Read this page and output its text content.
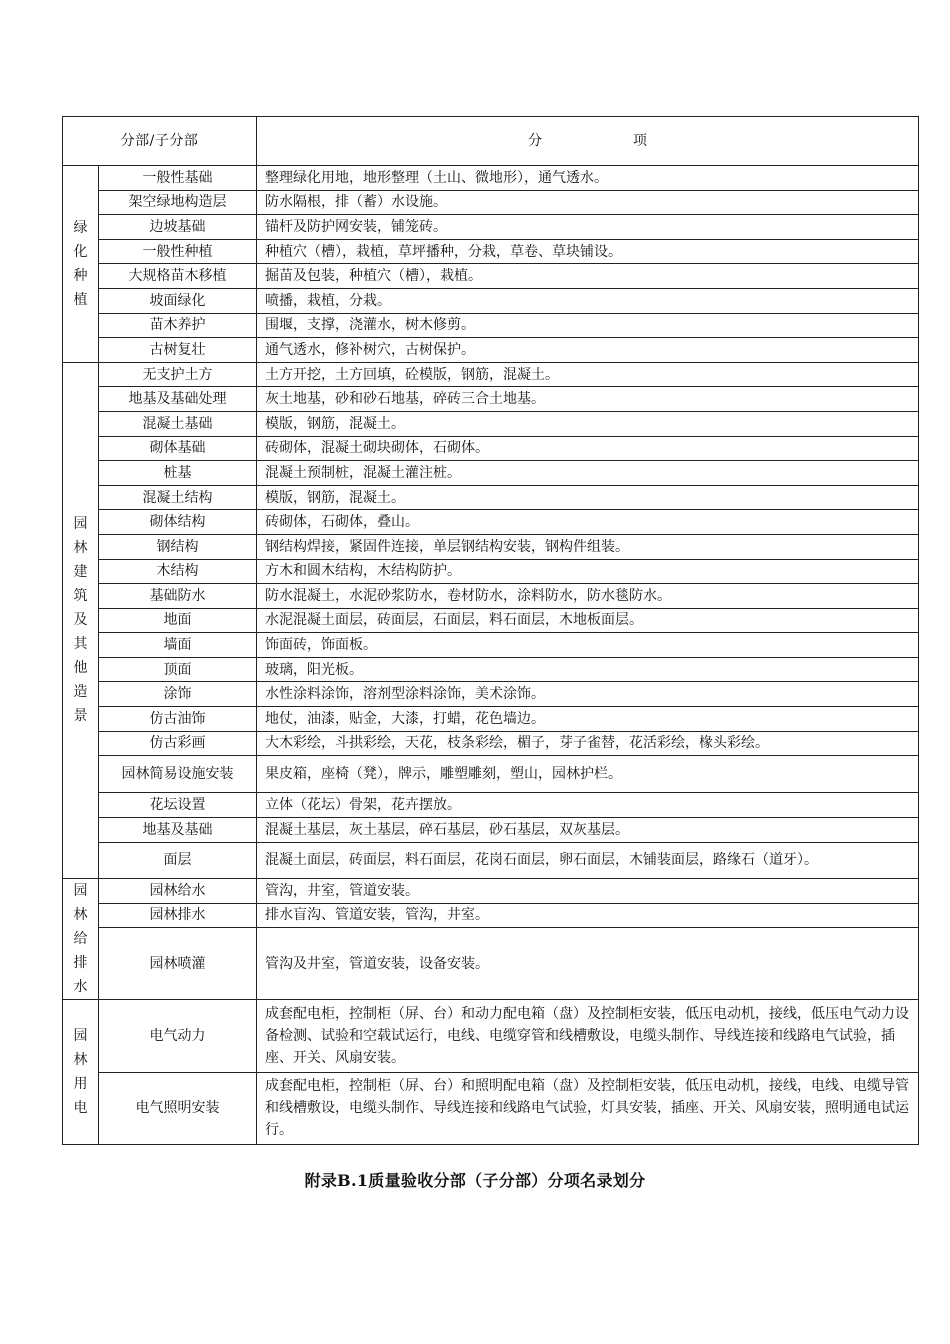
分部/子分部		分项
绿化种植	一般性基础	整理绿化用地，地形整理（土山、微地形），通气透水。
	架空绿地构造层	防水隔根，排（蓄）水设施。
	边坡基础	锚杆及防护网安装，铺笼砖。
	一般性种植	种植穴（槽），栽植，草坪播种，分栽，草卷、草块铺设。
	大规格苗木移植	掘苗及包装，种植穴（槽），栽植。
	坡面绿化	喷播，栽植，分栽。
	苗木养护	围堰，支撑，浇灌水，树木修剪。
	古树复壮	通气透水，修补树穴，古树保护。
园林建筑及其他造景	无支护土方	土方开挖，土方回填，砼模版，钢筋，混凝土。
	地基及基础处理	灰土地基，砂和砂石地基，碎砖三合土地基。
	混凝土基础	模版，钢筋，混凝土。
	砌体基础	砖砌体，混凝土砌块砌体，石砌体。
	桩基	混凝土预制桩，混凝土灌注桩。
	混凝土结构	模版，钢筋，混凝土。
	砌体结构	砖砌体，石砌体，叠山。
	钢结构	钢结构焊接，紧固件连接，单层钢结构安装，钢构件组装。
	木结构	方木和圆木结构，木结构防护。
	基础防水	防水混凝土，水泥砂浆防水，卷材防水，涂料防水，防水毯防水。
	地面	水泥混凝土面层，砖面层，石面层，料石面层，木地板面层。
	墙面	饰面砖，饰面板。
	顶面	玻璃，阳光板。
	涂饰	水性涂料涂饰，溶剂型涂料涂饰，美术涂饰。
	仿古油饰	地仗，油漆，贴金，大漆，打蜡，花色墙边。
	仿古彩画	大木彩绘，斗拱彩绘，天花，枝条彩绘，楣子，芽子雀替，花活彩绘，椽头彩绘。
	园林简易设施安装	果皮箱，座椅（凳），牌示，雕塑雕刻，塑山，园林护栏。
	花坛设置	立体（花坛）骨架，花卉摆放。
	地基及基础	混凝土基层，灰土基层，碎石基层，砂石基层，双灰基层。
	面层	混凝土面层，砖面层，料石面层，花岗石面层，卵石面层，木铺装面层，路缘石（道牙）。
园林给排水	园林给水	管沟，井室，管道安装。
	园林排水	排水盲沟、管道安装，管沟，井室。
	园林喷灌	管沟及井室，管道安装，设备安装。
园林用电	电气动力	成套配电柜，控制柜（屏、台）和动力配电箱（盘）及控制柜安装，低压电动机，接线，低压电气动力设备检测、试验和空载试运行，电线、电缆穿管和线槽敷设，电缆头制作、导线连接和线路电气试验，插座、开关、风扇安装。
	电气照明安装	成套配电柜，控制柜（屏、台）和照明配电箱（盘）及控制柜安装，低压电动机，接线，电线、电缆导管和线槽敷设，电缆头制作、导线连接和线路电气试验，灯具安装，插座、开关、风扇安装，照明通电试运行。
附录B.1质量验收分部（子分部）分项名录划分
